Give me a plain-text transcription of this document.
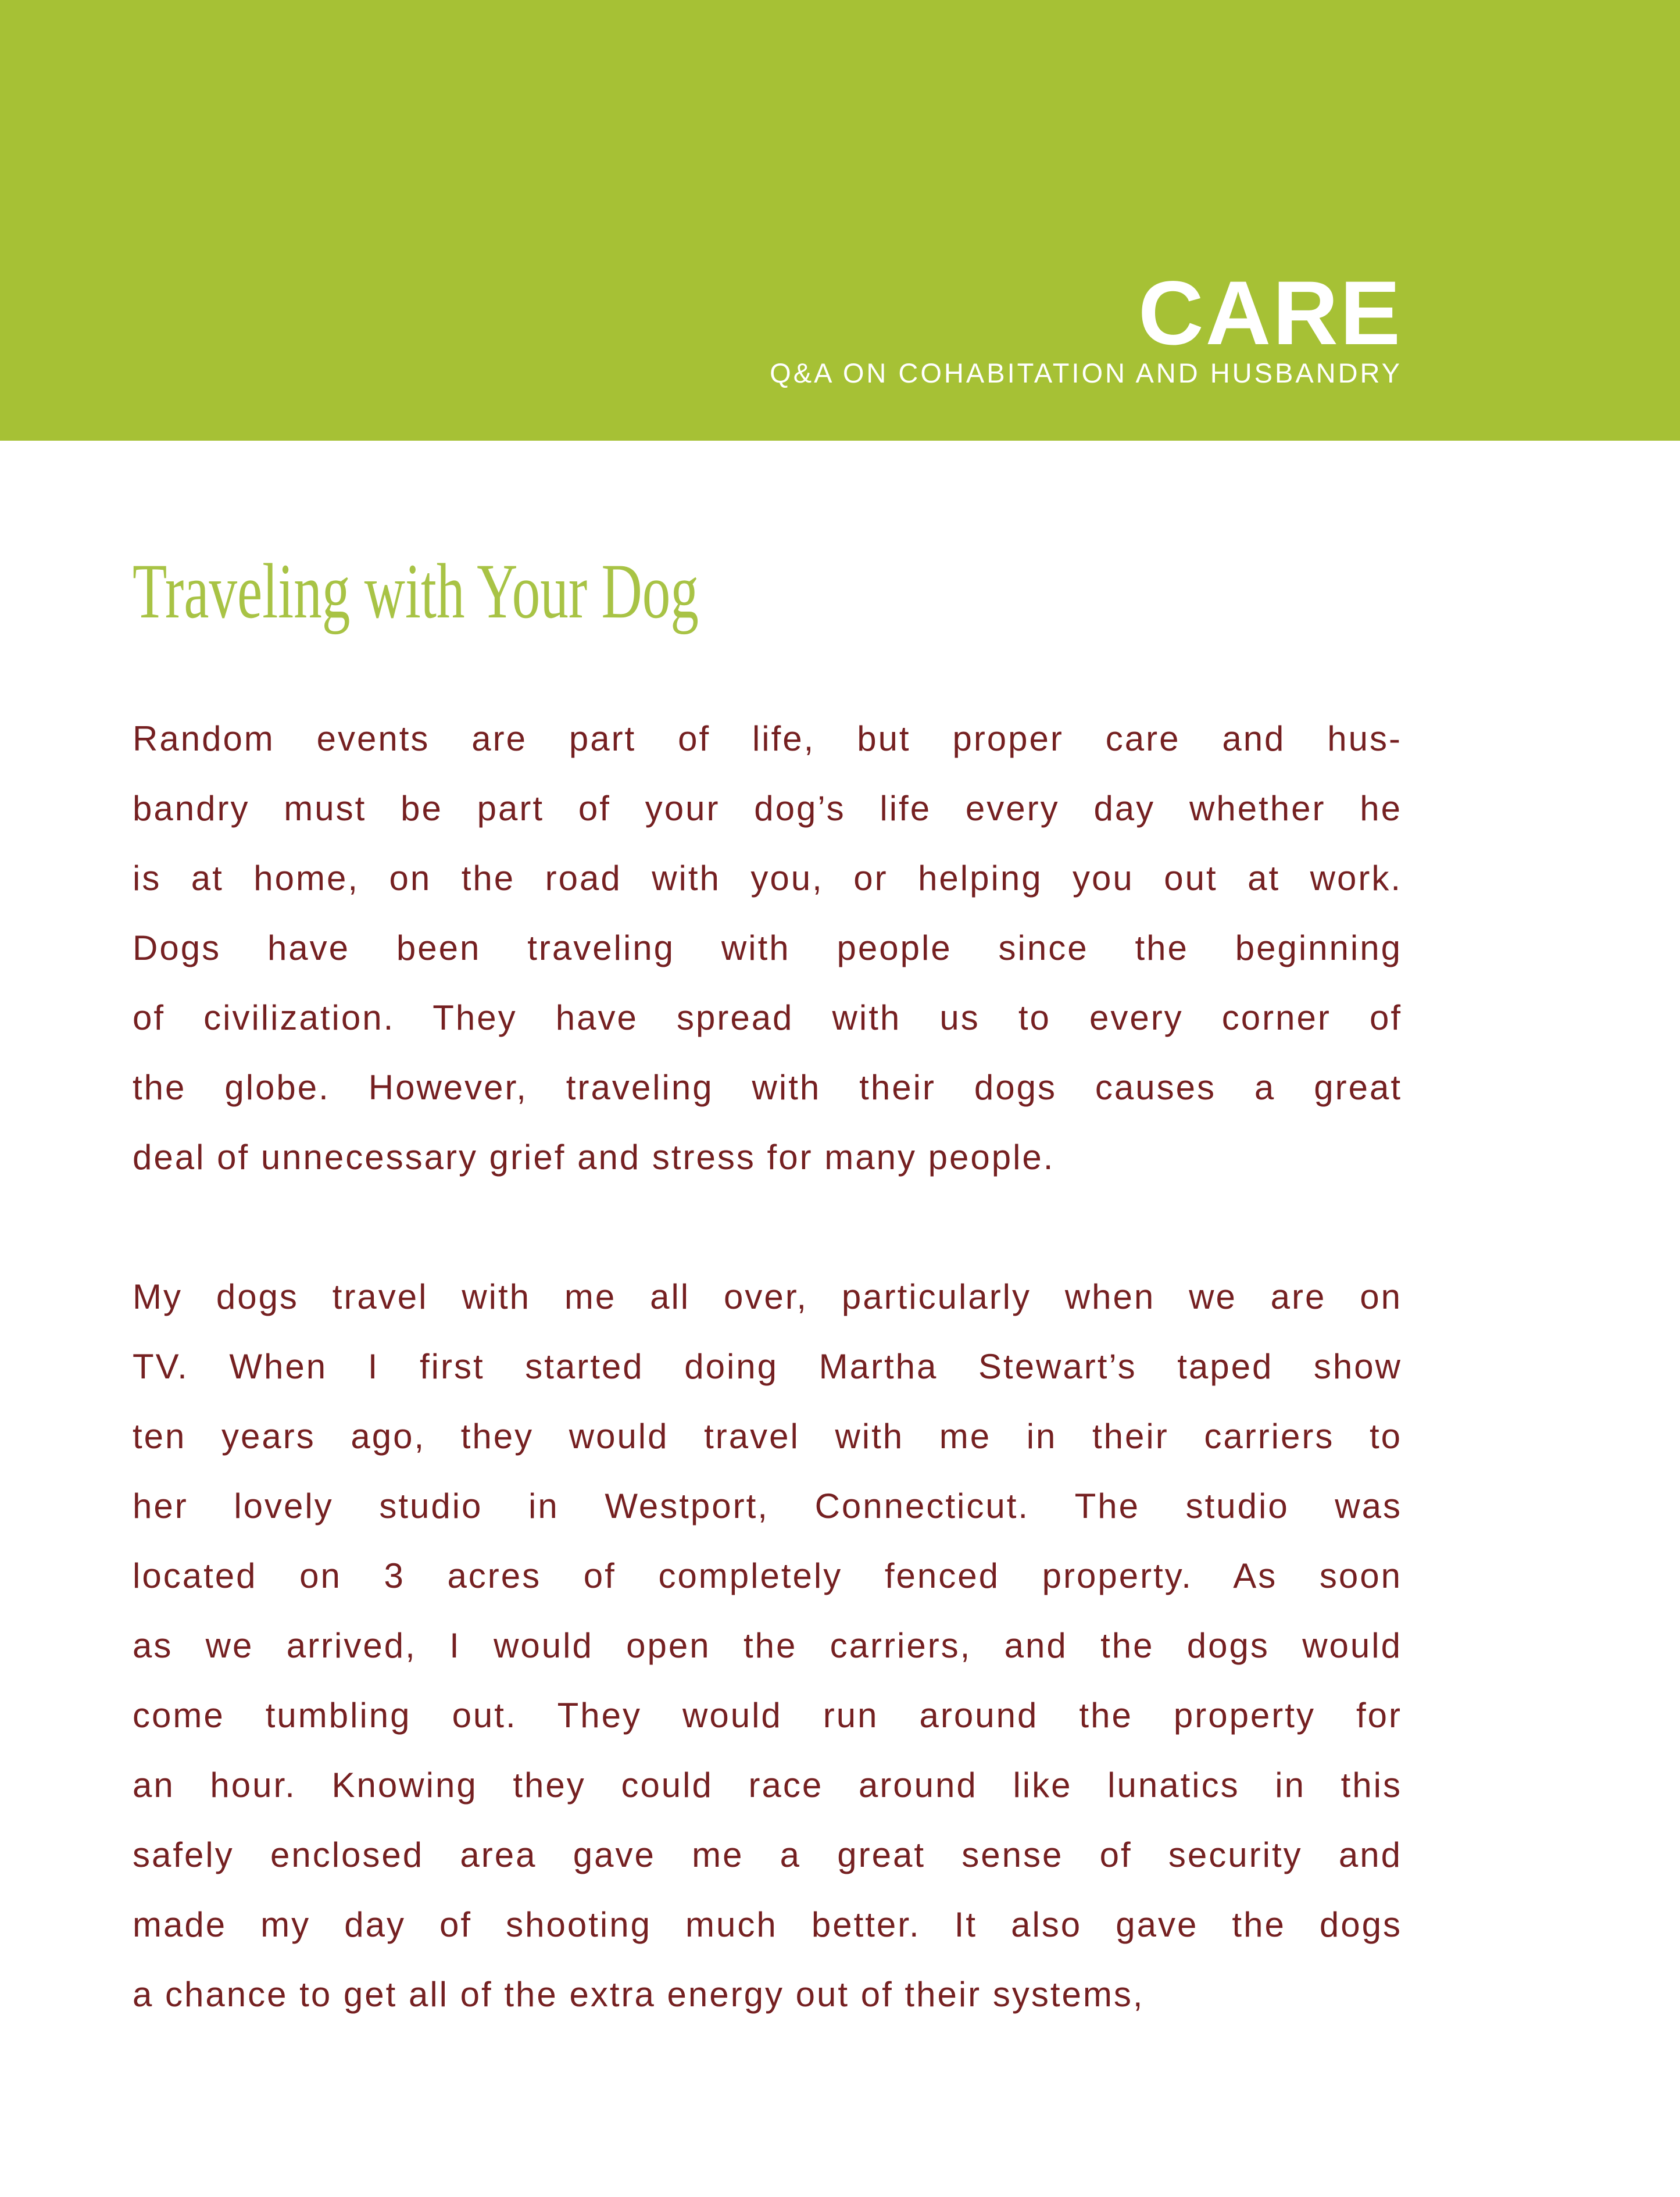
CARE
Q&A ON COHABITATION AND HUSBANDRY
Traveling with Your Dog
Random events are part of life, but proper care and hus-
bandry must be part of your dog’s life every day whether he
is at home, on the road with you, or helping you out at work.
Dogs have been traveling with people since the beginning
of civilization. They have spread with us to every corner of
the globe. However, traveling with their dogs causes a great
deal of unnecessary grief and stress for many people.
My dogs travel with me all over, particularly when we are on
TV. When I first started doing Martha Stewart’s taped show
ten years ago, they would travel with me in their carriers to
her lovely studio in Westport, Connecticut. The studio was
located on 3 acres of completely fenced property. As soon
as we arrived, I would open the carriers, and the dogs would
come tumbling out. They would run around the property for
an hour. Knowing they could race around like lunatics in this
safely enclosed area gave me a great sense of security and
made my day of shooting much better. It also gave the dogs
a chance to get all of the extra energy out of their systems,
